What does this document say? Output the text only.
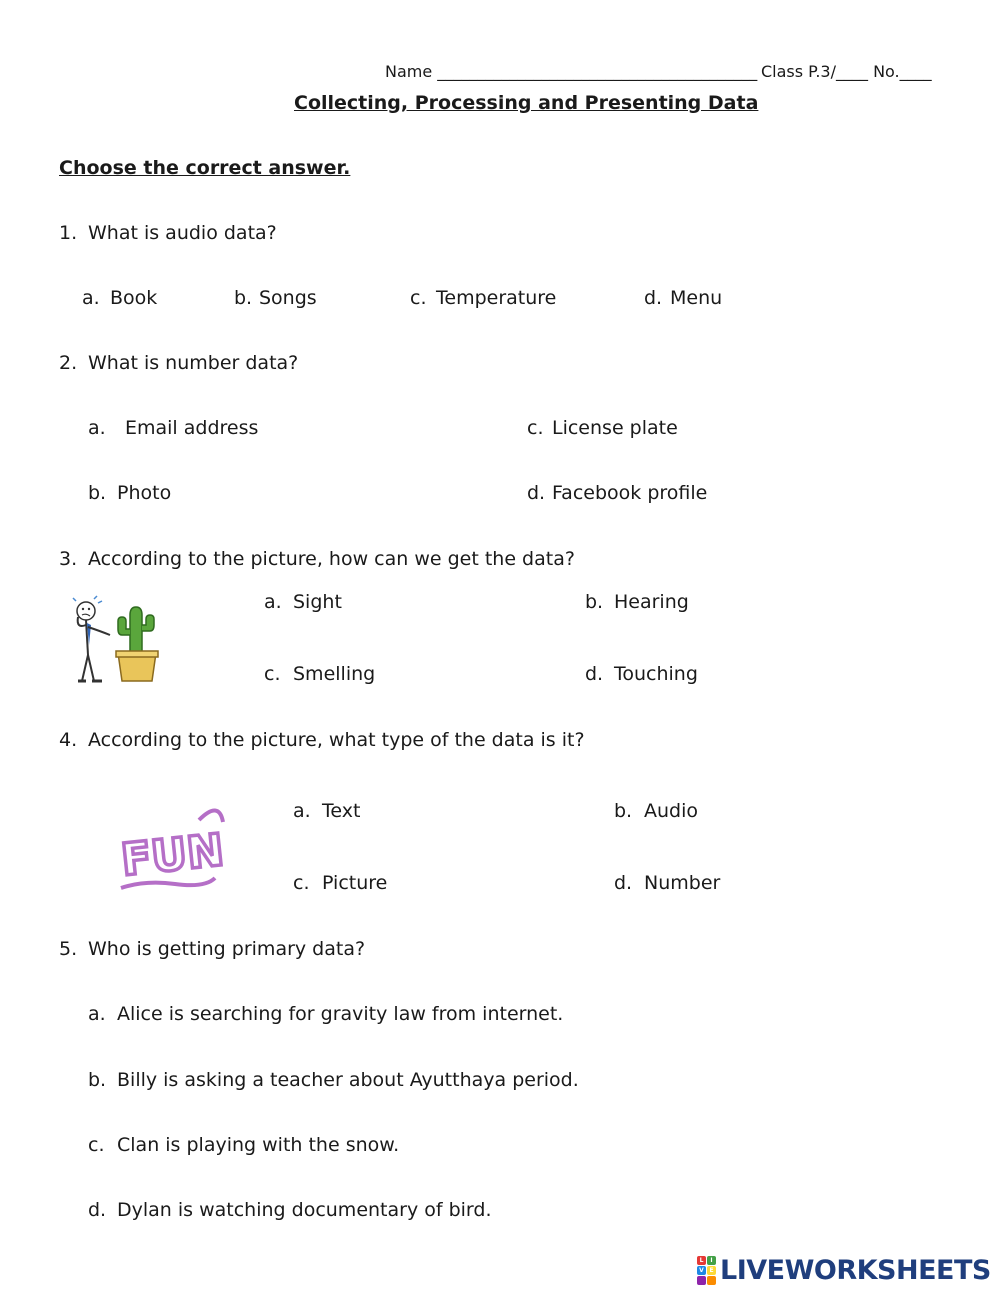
Name ________________________________________ Class P.3/____ No.____
Collecting, Processing and Presenting Data
Choose the correct answer.
1. What is audio data?
a. Book	b. Songs	c. Temperature	d. Menu
2. What is number data?
a. Email address
b. Photo
c. License plate
d. Facebook profile
3. According to the picture, how can we get the data?
a. Sight	b. Hearing
c. Smelling	d. Touching
4. According to the picture, what type of the data is it?
FUN
a. Text	b. Audio
c. Picture	d. Number
5. Who is getting primary data?
a. Alice is searching for gravity law from internet.
b. Billy is asking a teacher about Ayutthaya period.
c. Clan is playing with the snow.
d. Dylan is watching documentary of bird.
L	I
V E LIVEWORKSHEETS
